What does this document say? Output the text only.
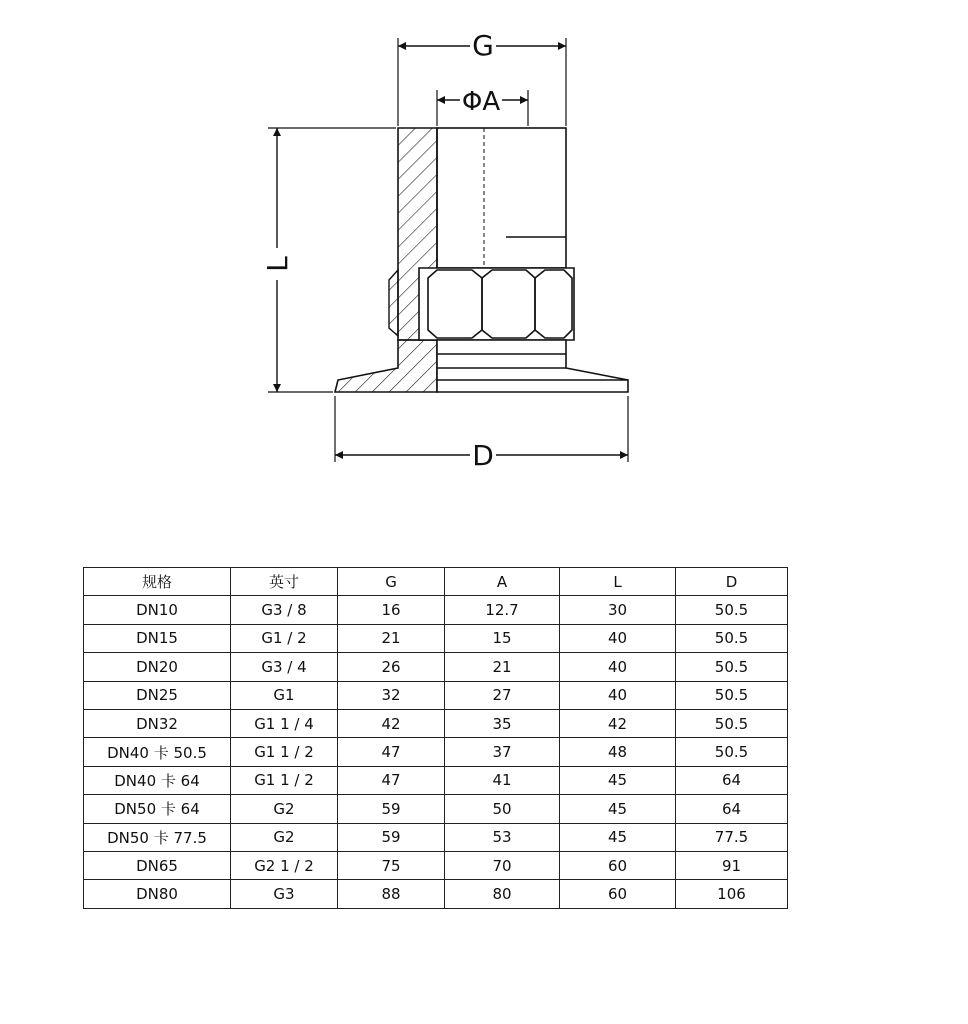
G
ΦA
L
D
规格	英寸	G	A	L	D
DN10	G3 / 8	16	12.7	30	50.5
DN15	G1 / 2	21	15	40	50.5
DN20	G3 / 4	26	21	40	50.5
DN25	G1	32	27	40	50.5
DN32	G1 1 / 4	42	35	42	50.5
DN40 卡 50.5	G1 1 / 2	47	37	48	50.5
DN40 卡 64	G1 1 / 2	47	41	45	64
DN50 卡 64	G2	59	50	45	64
DN50 卡 77.5	G2	59	53	45	77.5
DN65	G2 1 / 2	75	70	60	91
DN80	G3	88	80	60	106
